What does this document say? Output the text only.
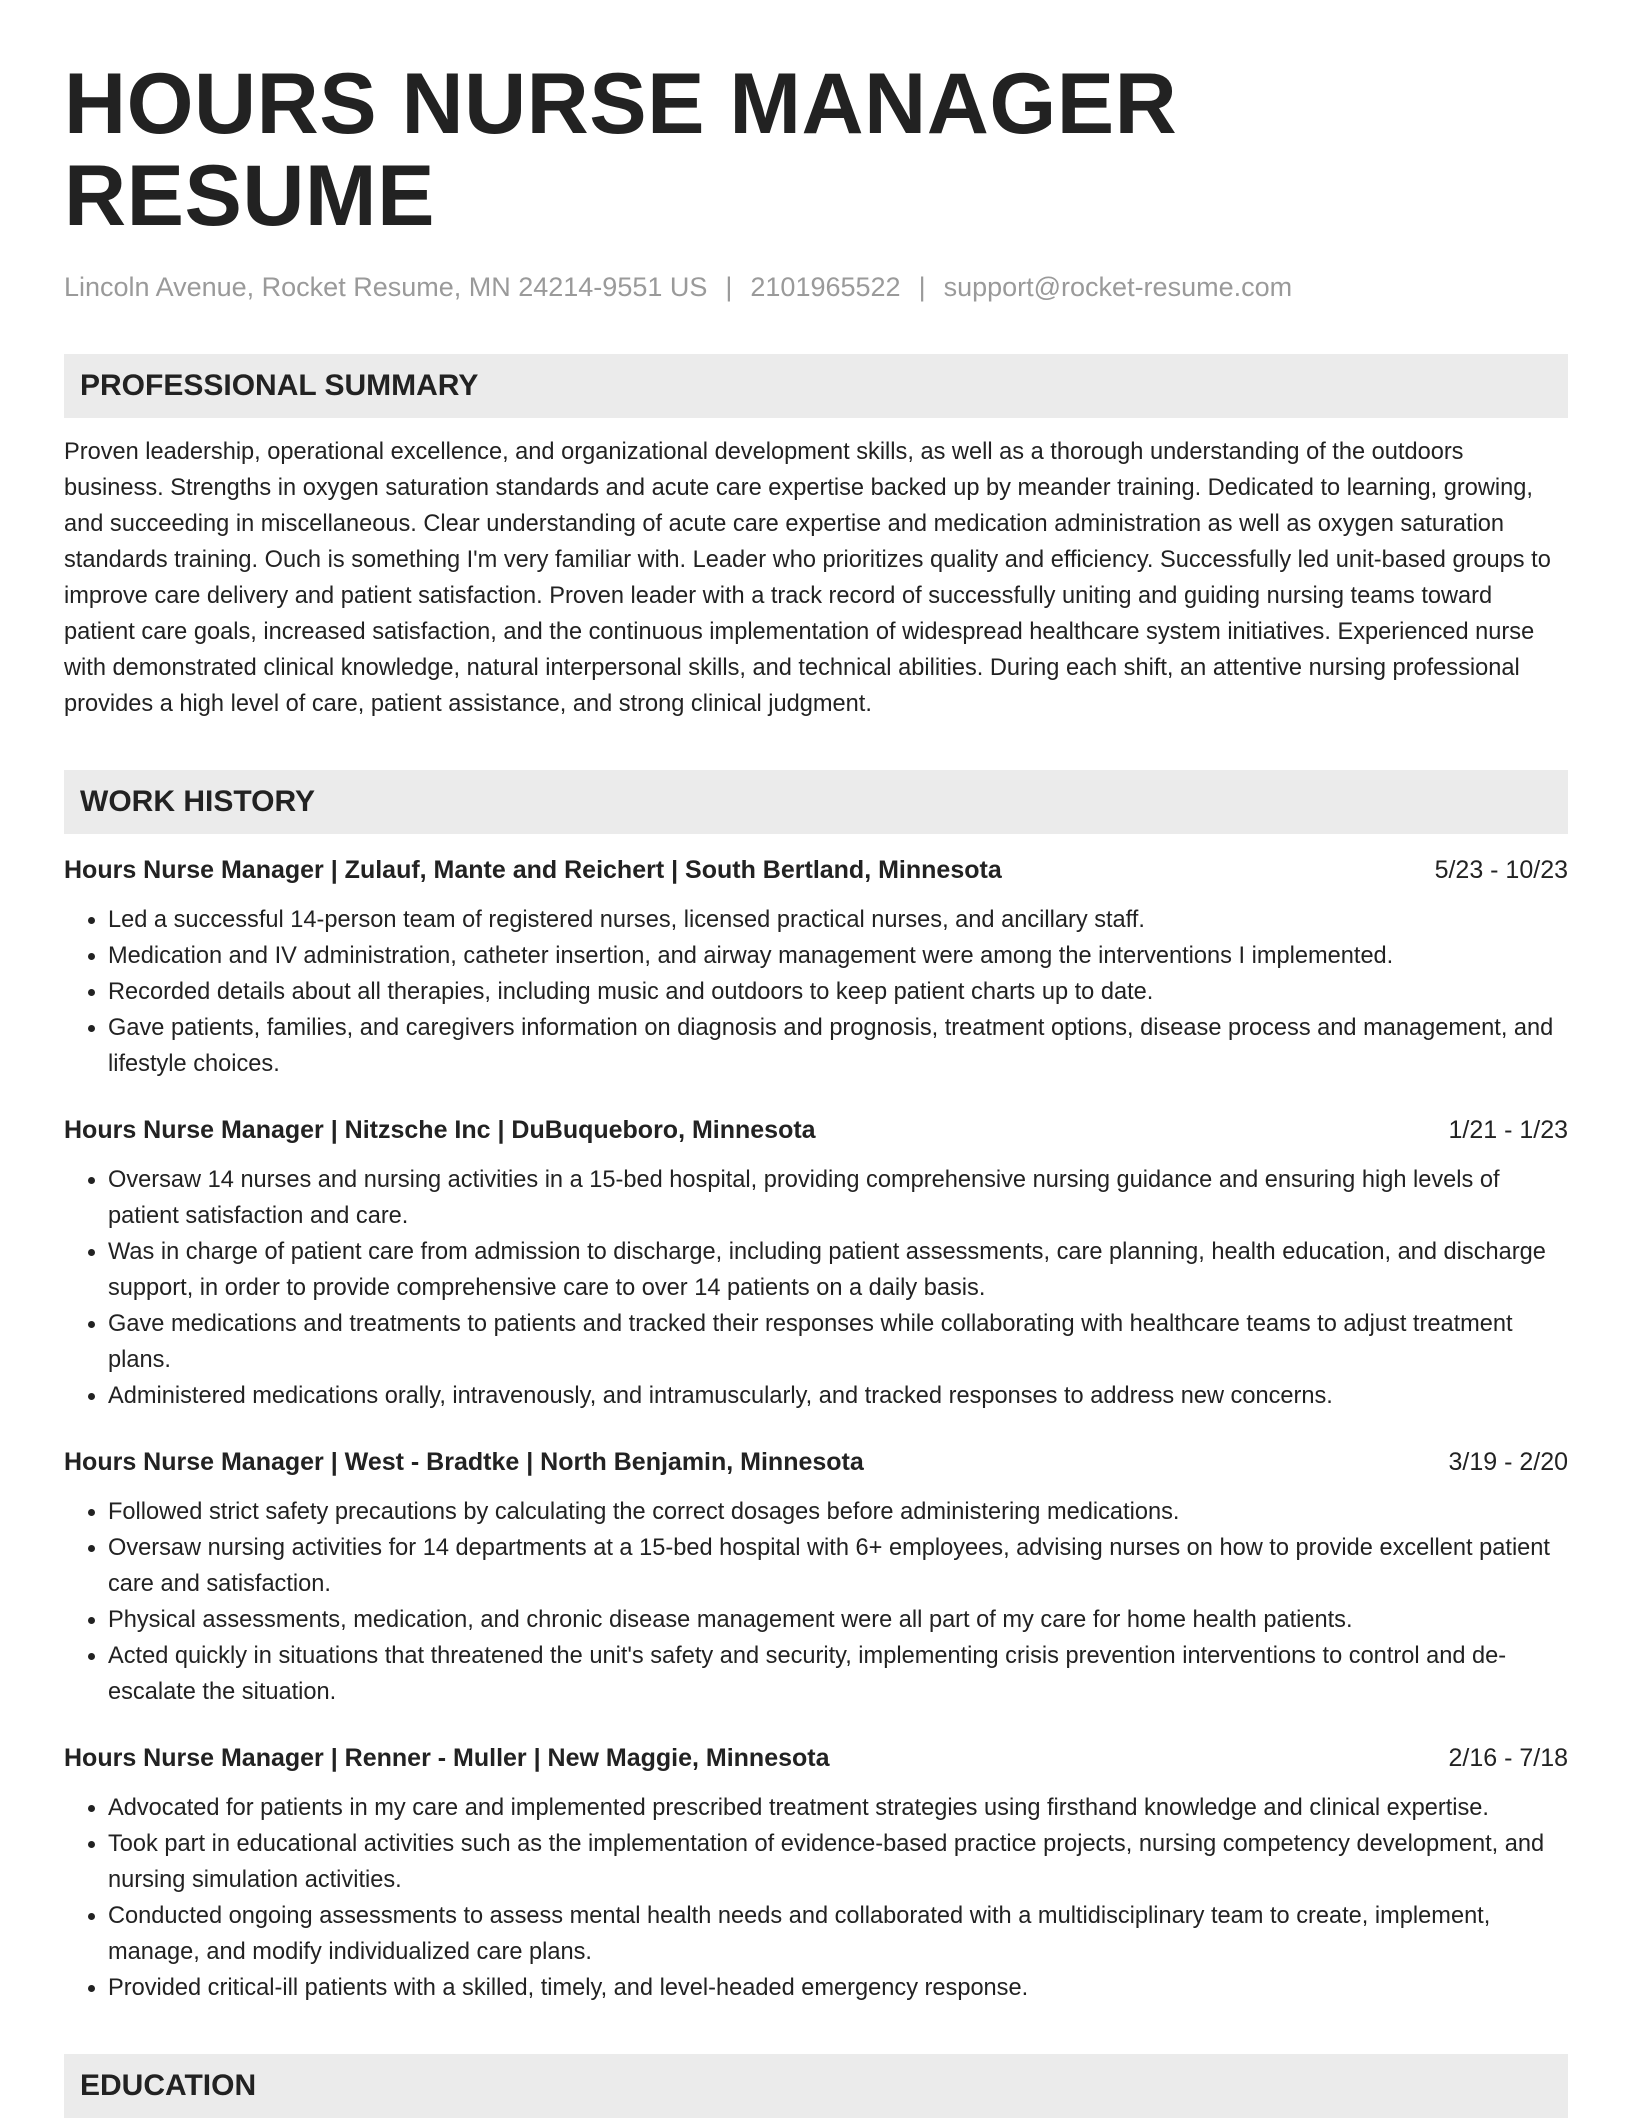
HOURS NURSE MANAGER RESUME
Lincoln Avenue, Rocket Resume, MN 24214-9551 US | 2101965522 | support@rocket-resume.com
PROFESSIONAL SUMMARY

Proven leadership, operational excellence, and organizational development skills, as well as a thorough understanding of the outdoors business. Strengths in oxygen saturation standards and acute care expertise backed up by meander training. Dedicated to learning, growing, and succeeding in miscellaneous. Clear understanding of acute care expertise and medication administration as well as oxygen saturation standards training. Ouch is something I'm very familiar with. Leader who prioritizes quality and efficiency. Successfully led unit-based groups to improve care delivery and patient satisfaction. Proven leader with a track record of successfully uniting and guiding nursing teams toward patient care goals, increased satisfaction, and the continuous implementation of widespread healthcare system initiatives. Experienced nurse with demonstrated clinical knowledge, natural interpersonal skills, and technical abilities. During each shift, an attentive nursing professional provides a high level of care, patient assistance, and strong clinical judgment.

WORK HISTORY
Hours Nurse Manager | Zulauf, Mante and Reichert | South Bertland, Minnesota	5/23 - 10/23
• Led a successful 14-person team of registered nurses, licensed practical nurses, and ancillary staff.
• Medication and IV administration, catheter insertion, and airway management were among the interventions I implemented.
• Recorded details about all therapies, including music and outdoors to keep patient charts up to date.
• Gave patients, families, and caregivers information on diagnosis and prognosis, treatment options, disease process and management, and lifestyle choices.
Hours Nurse Manager | Nitzsche Inc | DuBuqueboro, Minnesota	1/21 - 1/23
• Oversaw 14 nurses and nursing activities in a 15-bed hospital, providing comprehensive nursing guidance and ensuring high levels of patient satisfaction and care.
• Was in charge of patient care from admission to discharge, including patient assessments, care planning, health education, and discharge support, in order to provide comprehensive care to over 14 patients on a daily basis.
• Gave medications and treatments to patients and tracked their responses while collaborating with healthcare teams to adjust treatment plans.
• Administered medications orally, intravenously, and intramuscularly, and tracked responses to address new concerns.
Hours Nurse Manager | West - Bradtke | North Benjamin, Minnesota	3/19 - 2/20
• Followed strict safety precautions by calculating the correct dosages before administering medications.
• Oversaw nursing activities for 14 departments at a 15-bed hospital with 6+ employees, advising nurses on how to provide excellent patient care and satisfaction.
• Physical assessments, medication, and chronic disease management were all part of my care for home health patients.
• Acted quickly in situations that threatened the unit's safety and security, implementing crisis prevention interventions to control and de-escalate the situation.
Hours Nurse Manager | Renner - Muller | New Maggie, Minnesota	2/16 - 7/18
• Advocated for patients in my care and implemented prescribed treatment strategies using firsthand knowledge and clinical expertise.
• Took part in educational activities such as the implementation of evidence-based practice projects, nursing competency development, and nursing simulation activities.
• Conducted ongoing assessments to assess mental health needs and collaborated with a multidisciplinary team to create, implement, manage, and modify individualized care plans.
• Provided critical-ill patients with a skilled, timely, and level-headed emergency response.
EDUCATION
